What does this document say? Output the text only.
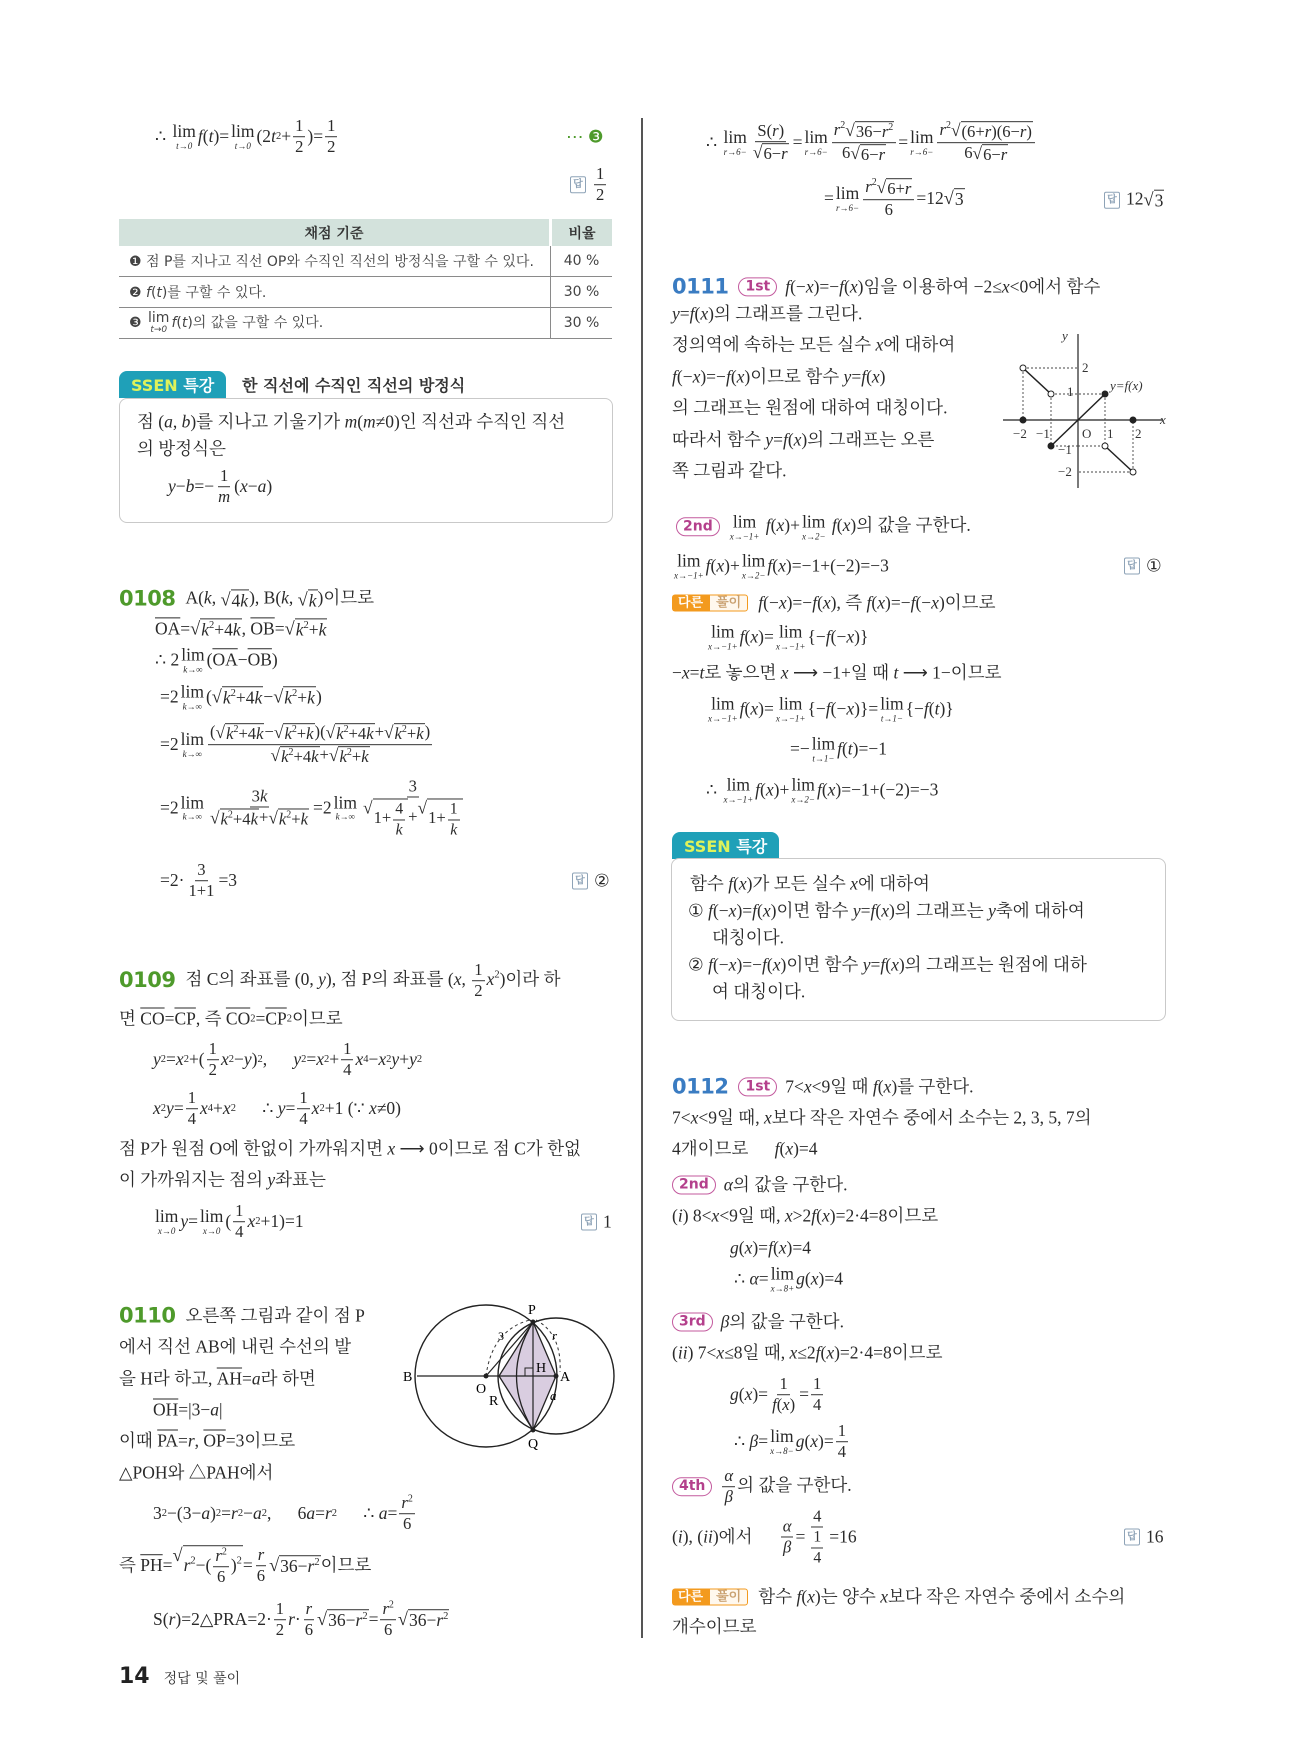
∴ lim
t→0 f ( t )= lim
t→0 (2 t 2 +
1
2
)=
1
2
⋯ ❸
답 $\frac{1}{2}$
채점 기준	비율
❶ 점 P를 지나고 직선 OP와 수직인 직선의 방정식을 구할 수 있다.	40 %
❷ f(t)를 구할 수 있다.	30 %
❸ lim
t→0 f(t)의 값을 구할 수 있다.	30 %
SSEN 특강	한 직선에 수직인 직선의 방정식
점 ( a , b )를 지나고 기울기가 m ( m ≠0)인 직선과 수직인 직선
의 방정식은
y − b =−
1
m
( x − a )
0108 A(k, √ 4k ), B(k, √ k )이므로
$\overline{OA}$ = √ $k^2+4k$ , $\overline{OB}$ = √ $k^2+k$
∴ 2 lim
k→∞ ( $\overline{OA} - \overline{OB}$ )
=2 lim
k→∞ ( √ $k^2+4k$ − √ $k^2+k$ )
=2 lim
k→∞
( √ $k^2+4k$ − √ $k^2+k$ )( √ $k^2+4k$ + √ $k^2+k$ )
√ $k^2+4k$ + √ $k^2+k$
=2 lim
k→∞
3k
√ $k^2+4k$ + √ $k^2+k$
=2 lim
k→∞
3
√
$1+ \frac{4}{k}$ + √
$1+ \frac{1}{k}$
=2·
3
1+1
=3	답 ②
0109 점 C의 좌표를 (0, y), 점 P의 좌표를 (x, $\frac{1}{2} x^2$)이라 하
면 $\overline{CO} = \overline{CP}$ , 즉 $\overline{CO}$ $2 = \overline{CP}$ 2 이므로
y 2 = x 2 +(
1
2
x 2 − y ) 2 , y 2 = x 2 +
1
4
x 4 − x 2 y + y 2
x 2 y =
1
4
x 4 + x 2 ∴ y =
1
4
x 2 +1 (∵ x ≠0)
점 P가 원점 O에 한없이 가까워지면 x ⟶ 0이므로 점 C가 한없
이 가까워지는 점의 y 좌표는
lim
x→0 y = lim
x→0 (
1
4
x 2 +1)=1	답 1
0110 오른쪽 그림과 같이 점 P
에서 직선 AB에 내린 수선의 발
을 H라 하고, $\overline{AH} = a$ 라 하면
$\overline{OH} =|3- a$ |
이때 $\overline{PA} = r$ , $\overline{OP} =3$이므로
△POH와 △PAH에서
3 2 −(3− a ) 2 = r 2 − a 2 ,      6 a = r 2 ∴ a =
$r^2$
6
즉 $\overline{PH}$ =
√ $r^2-( \frac{r^2}{6} )^2$ =
r
6
√ $36-r^2$ 이므로
S( r )=2△PRA=2·
1
2
r ·
r
6
√ $36-r^2$ =
$r^2$
6
√ $36-r^2$
P
Q
B	A
O
H
R
3	r
a
∴ lim
$r\to 6- \frac{S(r)}{√ 6-r} = \lim$
$r\to 6- \frac{r^2 √ 36-r^2}{6 √ 6-r} = \lim$
$r\to 6- \frac{r^2 √ (6+r)(6-r)}{6 √ 6-r}$
= lim
$r\to 6- \frac{r^2 √ 6+r}{6} =12$ √ 3	답 12 √ 3
0111	1st f(−x)=−f(x)임을 이용하여 −2≤x<0에서 함수
y = f ( x )의 그래프를 그린다.
정의역에 속하는 모든 실수 x 에 대하여
f (− x )=− f ( x )이므로 함수 y = f ( x )
의 그래프는 원점에 대하여 대칭이다.
따라서 함수 y = f ( x )의 그래프는 오른
쪽 그림과 같다.
y
x
O
y=f(x)
−2 −1	1 2
2
1
−1
−2
2nd	lim
x→−1+
f(x)+ lim
x→2−
f(x)의 값을 구한다.
lim
x→−1+ f ( x )+ lim
x→2− f ( x )=−1+(−2)=−3	답 ①
다른	풀이 f(−x)=−f(x), 즉 f(x)=−f(−x)이므로
lim
x→−1+ f ( x )= lim
x→−1+ {− f (− x )}
− x = t 로 놓으면 x ⟶ −1+일 때 t ⟶ 1−이므로
lim
x→−1+ f ( x )= lim
x→−1+ {− f (− x )}= lim
t→1− {− f ( t )}
=− lim
t→1− f ( t )=−1
∴ lim
x→−1+ f ( x )+ lim
x→2− f ( x )=−1+(−2)=−3
SSEN 특강
함수 f ( x )가 모든 실수 x 에 대하여
① f (− x )= f ( x )이면 함수 y = f ( x )의 그래프는 y 축에 대하여
대칭이다.
② f (− x )=− f ( x )이면 함수 y = f ( x )의 그래프는 원점에 대하
여 대칭이다.
0112	1st 7<x<9일 때 f(x)를 구한다.
7< x <9일 때, x 보다 작은 자연수 중에서 소수는 2, 3, 5, 7의
4개이므로 f ( x )=4
2nd α의 값을 구한다.
( i ) 8< x <9일 때, x >2 f ( x )=2·4=8이므로
g ( x )= f ( x )=4
∴ α = lim
x→8+ g ( x )=4
3rd β의 값을 구한다.
( i i ) 7< x ≤8일 때, x ≤2 f ( x )=2·4=8이므로
g ( x )=
1
f(x)
=
1
4
∴ β = lim
x→8− g ( x )=
1
4
4th	$\frac{\alpha}{\beta}$ 의 값을 구한다.
( i ), ( i i )에서
α
β
=
4
$\frac{1}{4} =16$	답 16
다른	풀이 함수 f(x)는 양수 x보다 작은 자연수 중에서 소수의
개수이므로
14 정답 및 풀이
